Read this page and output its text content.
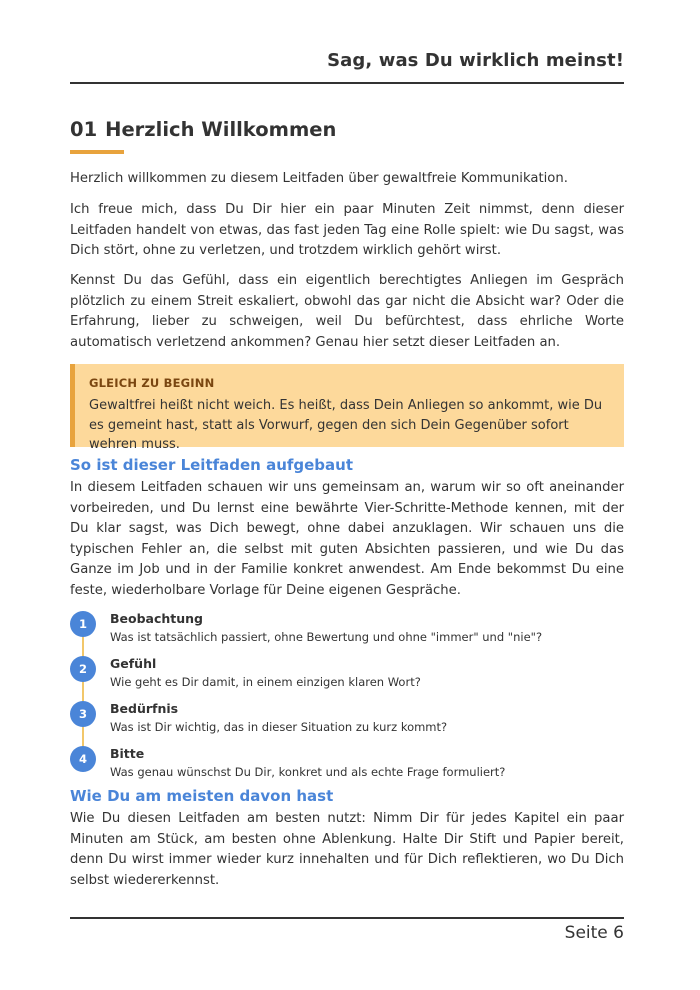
Sag, was Du wirklich meinst!
01 Herzlich Willkommen

Herzlich willkommen zu diesem Leitfaden über gewaltfreie Kommunikation.

Ich freue mich, dass Du Dir hier ein paar Minuten Zeit nimmst, denn dieser Leitfaden handelt von etwas, das fast jeden Tag eine Rolle spielt: wie Du sagst, was Dich stört, ohne zu verletzen, und trotzdem wirklich gehört wirst.

Kennst Du das Gefühl, dass ein eigentlich berechtigtes Anliegen im Gespräch plötzlich zu einem Streit eskaliert, obwohl das gar nicht die Absicht war? Oder die Erfahrung, lieber zu schweigen, weil Du befürchtest, dass ehrliche Worte automatisch verletzend ankommen? Genau hier setzt dieser Leitfaden an.

GLEICH ZU BEGINN
Gewaltfrei heißt nicht weich. Es heißt, dass Dein Anliegen so ankommt, wie Du es gemeint hast, statt als Vorwurf, gegen den sich Dein Gegenüber sofort wehren muss.
So ist dieser Leitfaden aufgebaut

In diesem Leitfaden schauen wir uns gemeinsam an, warum wir so oft aneinander vorbeireden, und Du lernst eine bewährte Vier-Schritte-Methode kennen, mit der Du klar sagst, was Dich bewegt, ohne dabei anzuklagen. Wir schauen uns die typischen Fehler an, die selbst mit guten Absichten passieren, und wie Du das Ganze im Job und in der Familie konkret anwendest. Am Ende bekommst Du eine feste, wiederholbare Vorlage für Deine eigenen Gespräche.

1	Beobachtung
Was ist tatsächlich passiert, ohne Bewertung und ohne "immer" und "nie"?
2	Gefühl
Wie geht es Dir damit, in einem einzigen klaren Wort?
3	Bedürfnis
Was ist Dir wichtig, das in dieser Situation zu kurz kommt?
4	Bitte
Was genau wünschst Du Dir, konkret und als echte Frage formuliert?
Wie Du am meisten davon hast

Wie Du diesen Leitfaden am besten nutzt: Nimm Dir für jedes Kapitel ein paar Minuten am Stück, am besten ohne Ablenkung. Halte Dir Stift und Papier bereit, denn Du wirst immer wieder kurz innehalten und für Dich reflektieren, wo Du Dich selbst wiedererkennst.

Seite 6
